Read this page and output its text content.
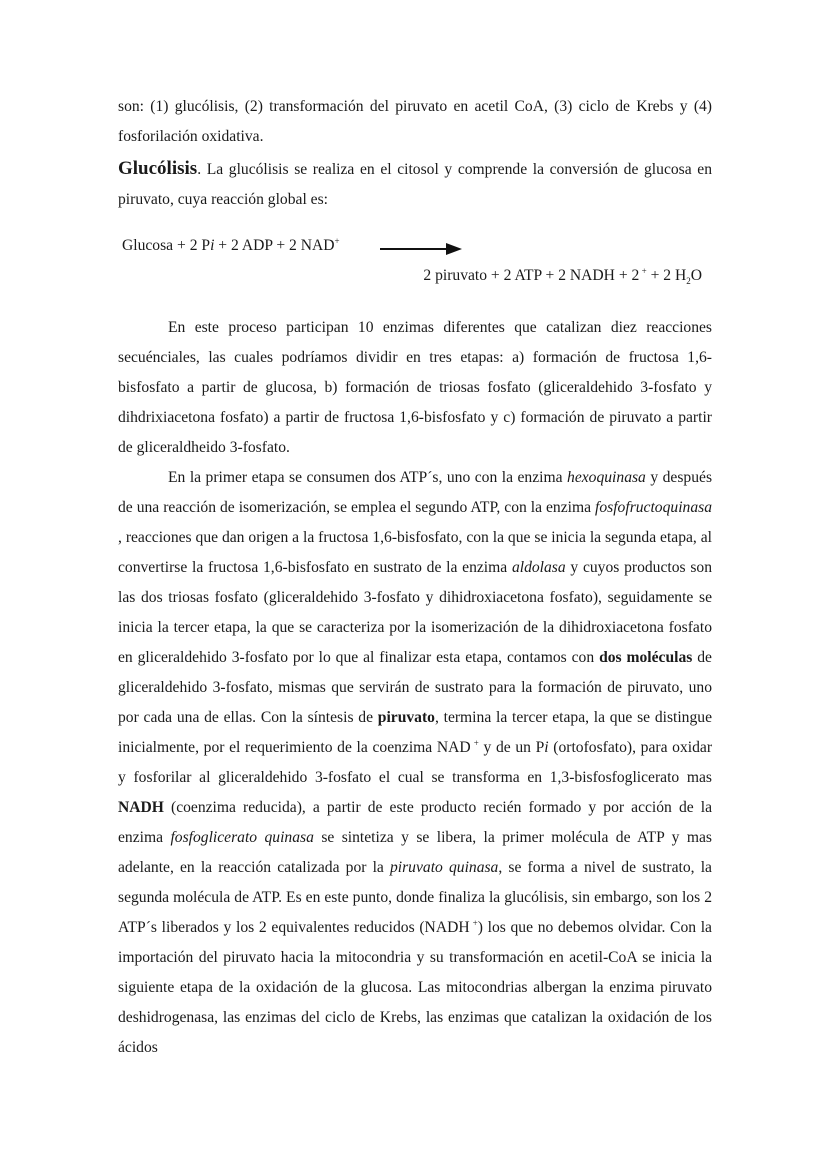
son: (1) glucólisis, (2) transformación del piruvato en acetil CoA, (3) ciclo de Krebs y (4) fosforilación oxidativa.

Glucólisis. La glucólisis se realiza en el citosol y comprende la conversión de glucosa en piruvato, cuya reacción global es:

Glucosa + 2 Pi + 2 ADP + 2 NAD+
2 piruvato + 2 ATP + 2 NADH + 2 + + 2 $H_2O$

En este proceso participan 10 enzimas diferentes que catalizan diez reacciones secuénciales, las cuales podríamos dividir en tres etapas: a) formación de fructosa 1,6-bisfosfato a partir de glucosa, b) formación de triosas fosfato (gliceraldehido 3-fosfato y dihdrixiacetona fosfato) a partir de fructosa 1,6-bisfosfato y c) formación de piruvato a partir de gliceraldheido 3-fosfato.

En la primer etapa se consumen dos ATP´s, uno con la enzima hexoquinasa y después de una reacción de isomerización, se emplea el segundo ATP, con la enzima fosfofructoquinasa , reacciones que dan origen a la fructosa 1,6-bisfosfato, con la que se inicia la segunda etapa, al convertirse la fructosa 1,6-bisfosfato en sustrato de la enzima aldolasa y cuyos productos son las dos triosas fosfato (gliceraldehido 3-fosfato y dihidroxiacetona fosfato), seguidamente se inicia la tercer etapa, la que se caracteriza por la isomerización de la dihidroxiacetona fosfato en gliceraldehido 3-fosfato por lo que al finalizar esta etapa, contamos con dos moléculas de gliceraldehido 3-fosfato, mismas que servirán de sustrato para la formación de piruvato, uno por cada una de ellas. Con la síntesis de piruvato, termina la tercer etapa, la que se distingue inicialmente, por el requerimiento de la coenzima NAD + y de un Pi (ortofosfato), para oxidar y fosforilar al gliceraldehido 3-fosfato el cual se transforma en 1,3-bisfosfoglicerato mas NADH (coenzima reducida), a partir de este producto recién formado y por acción de la enzima fosfoglicerato quinasa se sintetiza y se libera, la primer molécula de ATP y mas adelante, en la reacción catalizada por la piruvato quinasa, se forma a nivel de sustrato, la segunda molécula de ATP. Es en este punto, donde finaliza la glucólisis, sin embargo, son los 2 ATP´s liberados y los 2 equivalentes reducidos (NADH +) los que no debemos olvidar. Con la importación del piruvato hacia la mitocondria y su transformación en acetil-CoA se inicia la siguiente etapa de la oxidación de la glucosa. Las mitocondrias albergan la enzima piruvato deshidrogenasa, las enzimas del ciclo de Krebs, las enzimas que catalizan la oxidación de los ácidos
